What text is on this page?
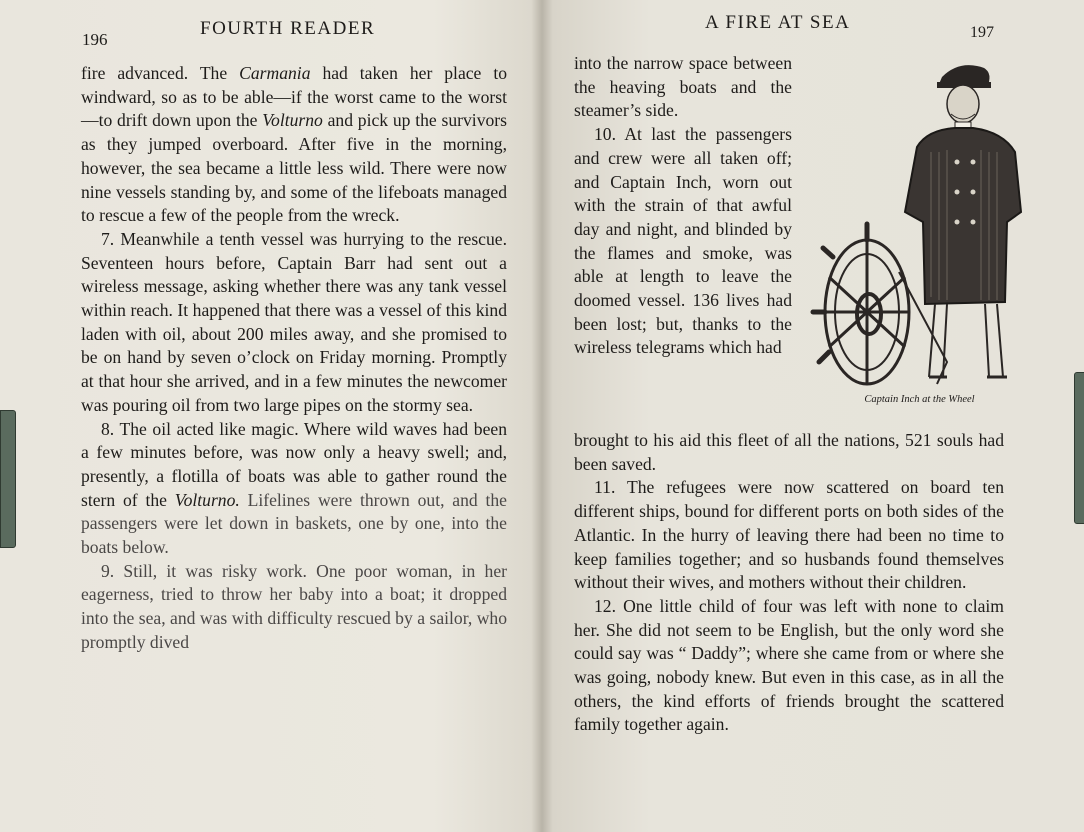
196
FOURTH READER

fire advanced. The Carmania had taken her place to windward, so as to be able—if the worst came to the worst—to drift down upon the Volturno and pick up the survivors as they jumped overboard. After five in the morning, however, the sea became a little less wild. There were now nine vessels standing by, and some of the lifeboats managed to rescue a few of the people from the wreck.

7. Meanwhile a tenth vessel was hurrying to the rescue. Seventeen hours before, Captain Barr had sent out a wireless message, asking whether there was any tank vessel within reach. It happened that there was a vessel of this kind laden with oil, about 200 miles away, and she promised to be on hand by seven o’clock on Friday morning. Promptly at that hour she arrived, and in a few minutes the newcomer was pouring oil from two large pipes on the stormy sea.

8. The oil acted like magic. Where wild waves had been a few minutes before, was now only a heavy swell; and, presently, a flotilla of boats was able to gather round the stern of the Volturno. Lifelines were thrown out, and the passengers were let down in baskets, one by one, into the boats below.

9. Still, it was risky work. One poor woman, in her eagerness, tried to throw her baby into a boat; it dropped into the sea, and was with difficulty rescued by a sailor, who promptly dived

A FIRE AT SEA	197

into the narrow space between the heaving boats and the steamer’s side.

10. At last the passengers and crew were all taken off; and Captain Inch, worn out with the strain of that awful day and night, and blinded by the flames and smoke, was able at length to leave the doomed vessel. 136 lives had been lost; but, thanks to the wireless telegrams which had

Captain Inch at the Wheel

brought to his aid this fleet of all the nations, 521 souls had been saved.

11. The refugees were now scattered on board ten different ships, bound for different ports on both sides of the Atlantic. In the hurry of leaving there had been no time to keep families together; and so husbands found themselves without their wives, and mothers without their children.

12. One little child of four was left with none to claim her. She did not seem to be English, but the only word she could say was “ Daddy”; where she came from or where she was going, nobody knew. But even in this case, as in all the others, the kind efforts of friends brought the scattered family together again.
